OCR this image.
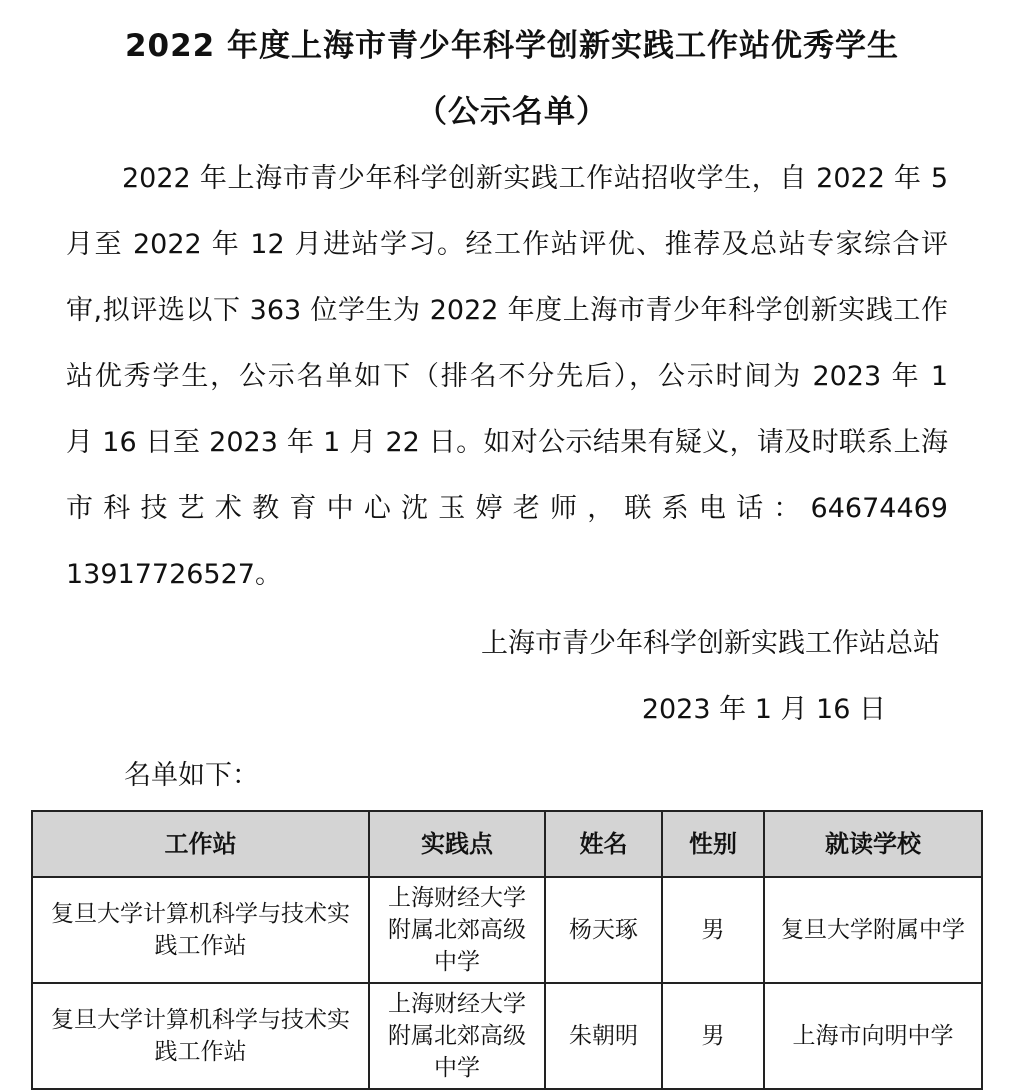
2022 年度上海市青少年科学创新实践工作站优秀学生
（公示名单）
2022 年上海市青少年科学创新实践工作站招收学生，自 2022 年 5
月至 2022 年 12 月进站学习。经工作站评优、推荐及总站专家综合评
审,拟评选以下 363 位学生为 2022 年度上海市青少年科学创新实践工作
站优秀学生，公示名单如下（排名不分先后），公示时间为 2023 年 1
月 16 日至 2023 年 1 月 22 日。如对公示结果有疑义，请及时联系上海
市科技艺术教育中心沈玉婷老师，联系电话：64674469
13917726527。
上海市青少年科学创新实践工作站总站
2023 年 1 月 16 日
名单如下：
工作站	实践点	姓名	性别	就读学校
复旦大学计算机科学与技术实践工作站	上海财经大学附属北郊高级中学	杨天琢	男	复旦大学附属中学
复旦大学计算机科学与技术实践工作站	上海财经大学附属北郊高级中学	朱朝明	男	上海市向明中学
